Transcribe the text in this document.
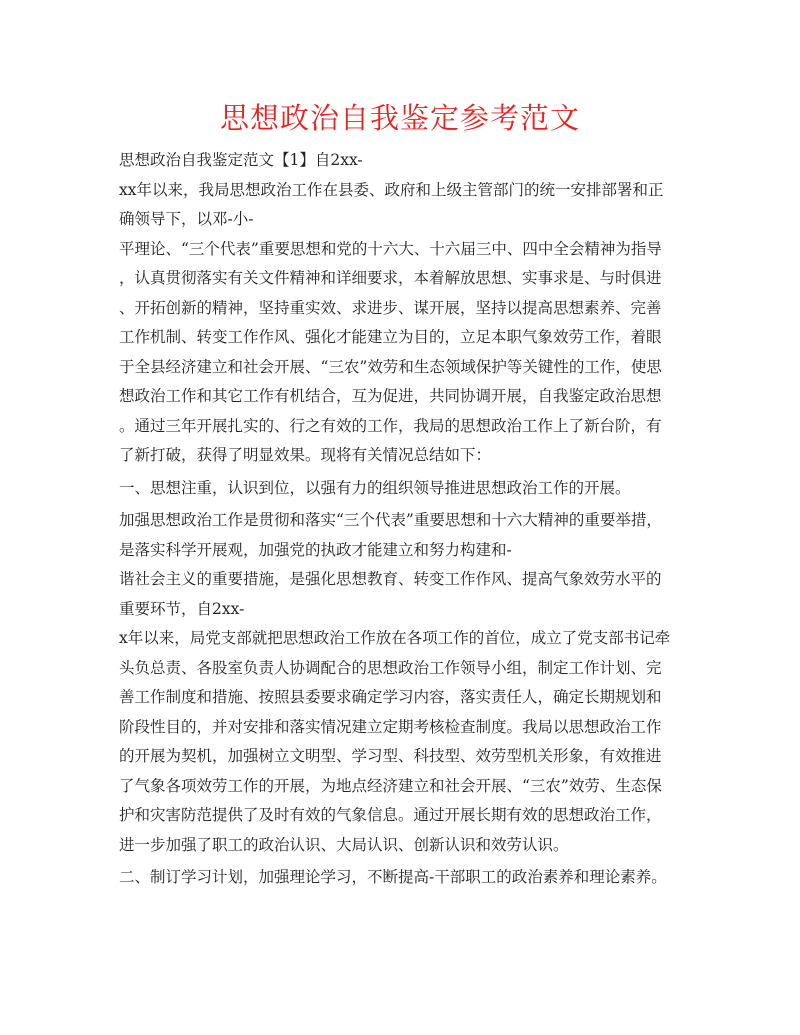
思想政治自我鉴定参考范文
思想政治自我鉴定范文【1】自2xx-
xx年以来，我局思想政治工作在县委、政府和上级主管部门的统一安排部署和正
确领导下，以邓-小-
平理论、“三个代表”重要思想和党的十六大、十六届三中、四中全会精神为指导
，认真贯彻落实有关文件精神和详细要求，本着解放思想、实事求是、与时俱进
、开拓创新的精神，坚持重实效、求进步、谋开展，坚持以提高思想素养、完善
工作机制、转变工作作风、强化才能建立为目的，立足本职气象效劳工作，着眼
于全县经济建立和社会开展、“三农”效劳和生态领域保护等关键性的工作，使思
想政治工作和其它工作有机结合，互为促进，共同协调开展，自我鉴定政治思想
。通过三年开展扎实的、行之有效的工作，我局的思想政治工作上了新台阶，有
了新打破，获得了明显效果。现将有关情况总结如下：
一、思想注重，认识到位，以强有力的组织领导推进思想政治工作的开展。
加强思想政治工作是贯彻和落实“三个代表”重要思想和十六大精神的重要举措，
是落实科学开展观，加强党的执政才能建立和努力构建和-
谐社会主义的重要措施，是强化思想教育、转变工作作风、提高气象效劳水平的
重要环节，自2xx-
x年以来，局党支部就把思想政治工作放在各项工作的首位，成立了党支部书记牵
头负总责、各股室负责人协调配合的思想政治工作领导小组，制定工作计划、完
善工作制度和措施、按照县委要求确定学习内容，落实责任人，确定长期规划和
阶段性目的，并对安排和落实情况建立定期考核检查制度。我局以思想政治工作
的开展为契机，加强树立文明型、学习型、科技型、效劳型机关形象，有效推进
了气象各项效劳工作的开展，为地点经济建立和社会开展、“三农”效劳、生态保
护和灾害防范提供了及时有效的气象信息。通过开展长期有效的思想政治工作，
进一步加强了职工的政治认识、大局认识、创新认识和效劳认识。
二、制订学习计划，加强理论学习，不断提高-干部职工的政治素养和理论素养。
